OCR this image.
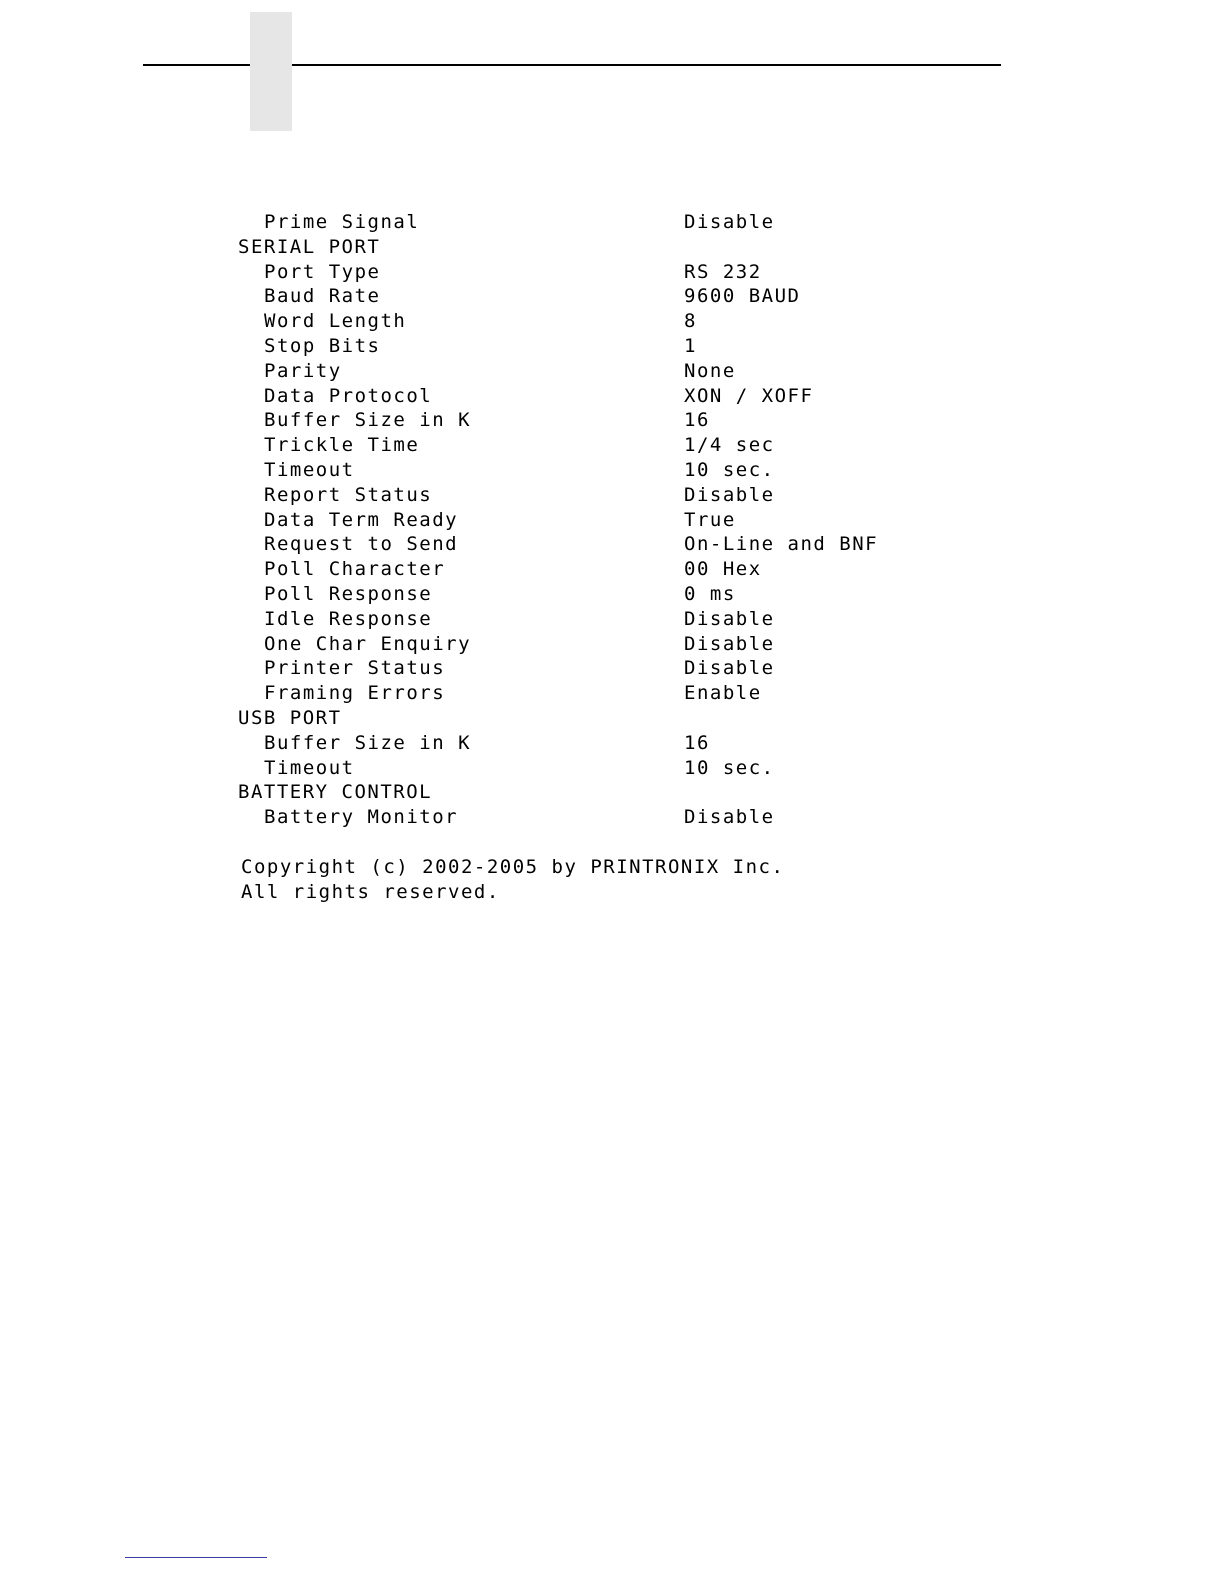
Prime Signal	Disable
SERIAL PORT
Port Type	RS 232
Baud Rate	9600 BAUD
Word Length	8
Stop Bits	1
Parity	None
Data Protocol	XON / XOFF
Buffer Size in K	16
Trickle Time	1/4 sec
Timeout	10 sec.
Report Status	Disable
Data Term Ready	True
Request to Send	On-Line and BNF
Poll Character	00 Hex
Poll Response	0 ms
Idle Response	Disable
One Char Enquiry	Disable
Printer Status	Disable
Framing Errors	Enable
USB PORT
Buffer Size in K	16
Timeout	10 sec.
BATTERY CONTROL
Battery Monitor	Disable
Copyright (c) 2002-2005 by PRINTRONIX Inc.
All rights reserved.
